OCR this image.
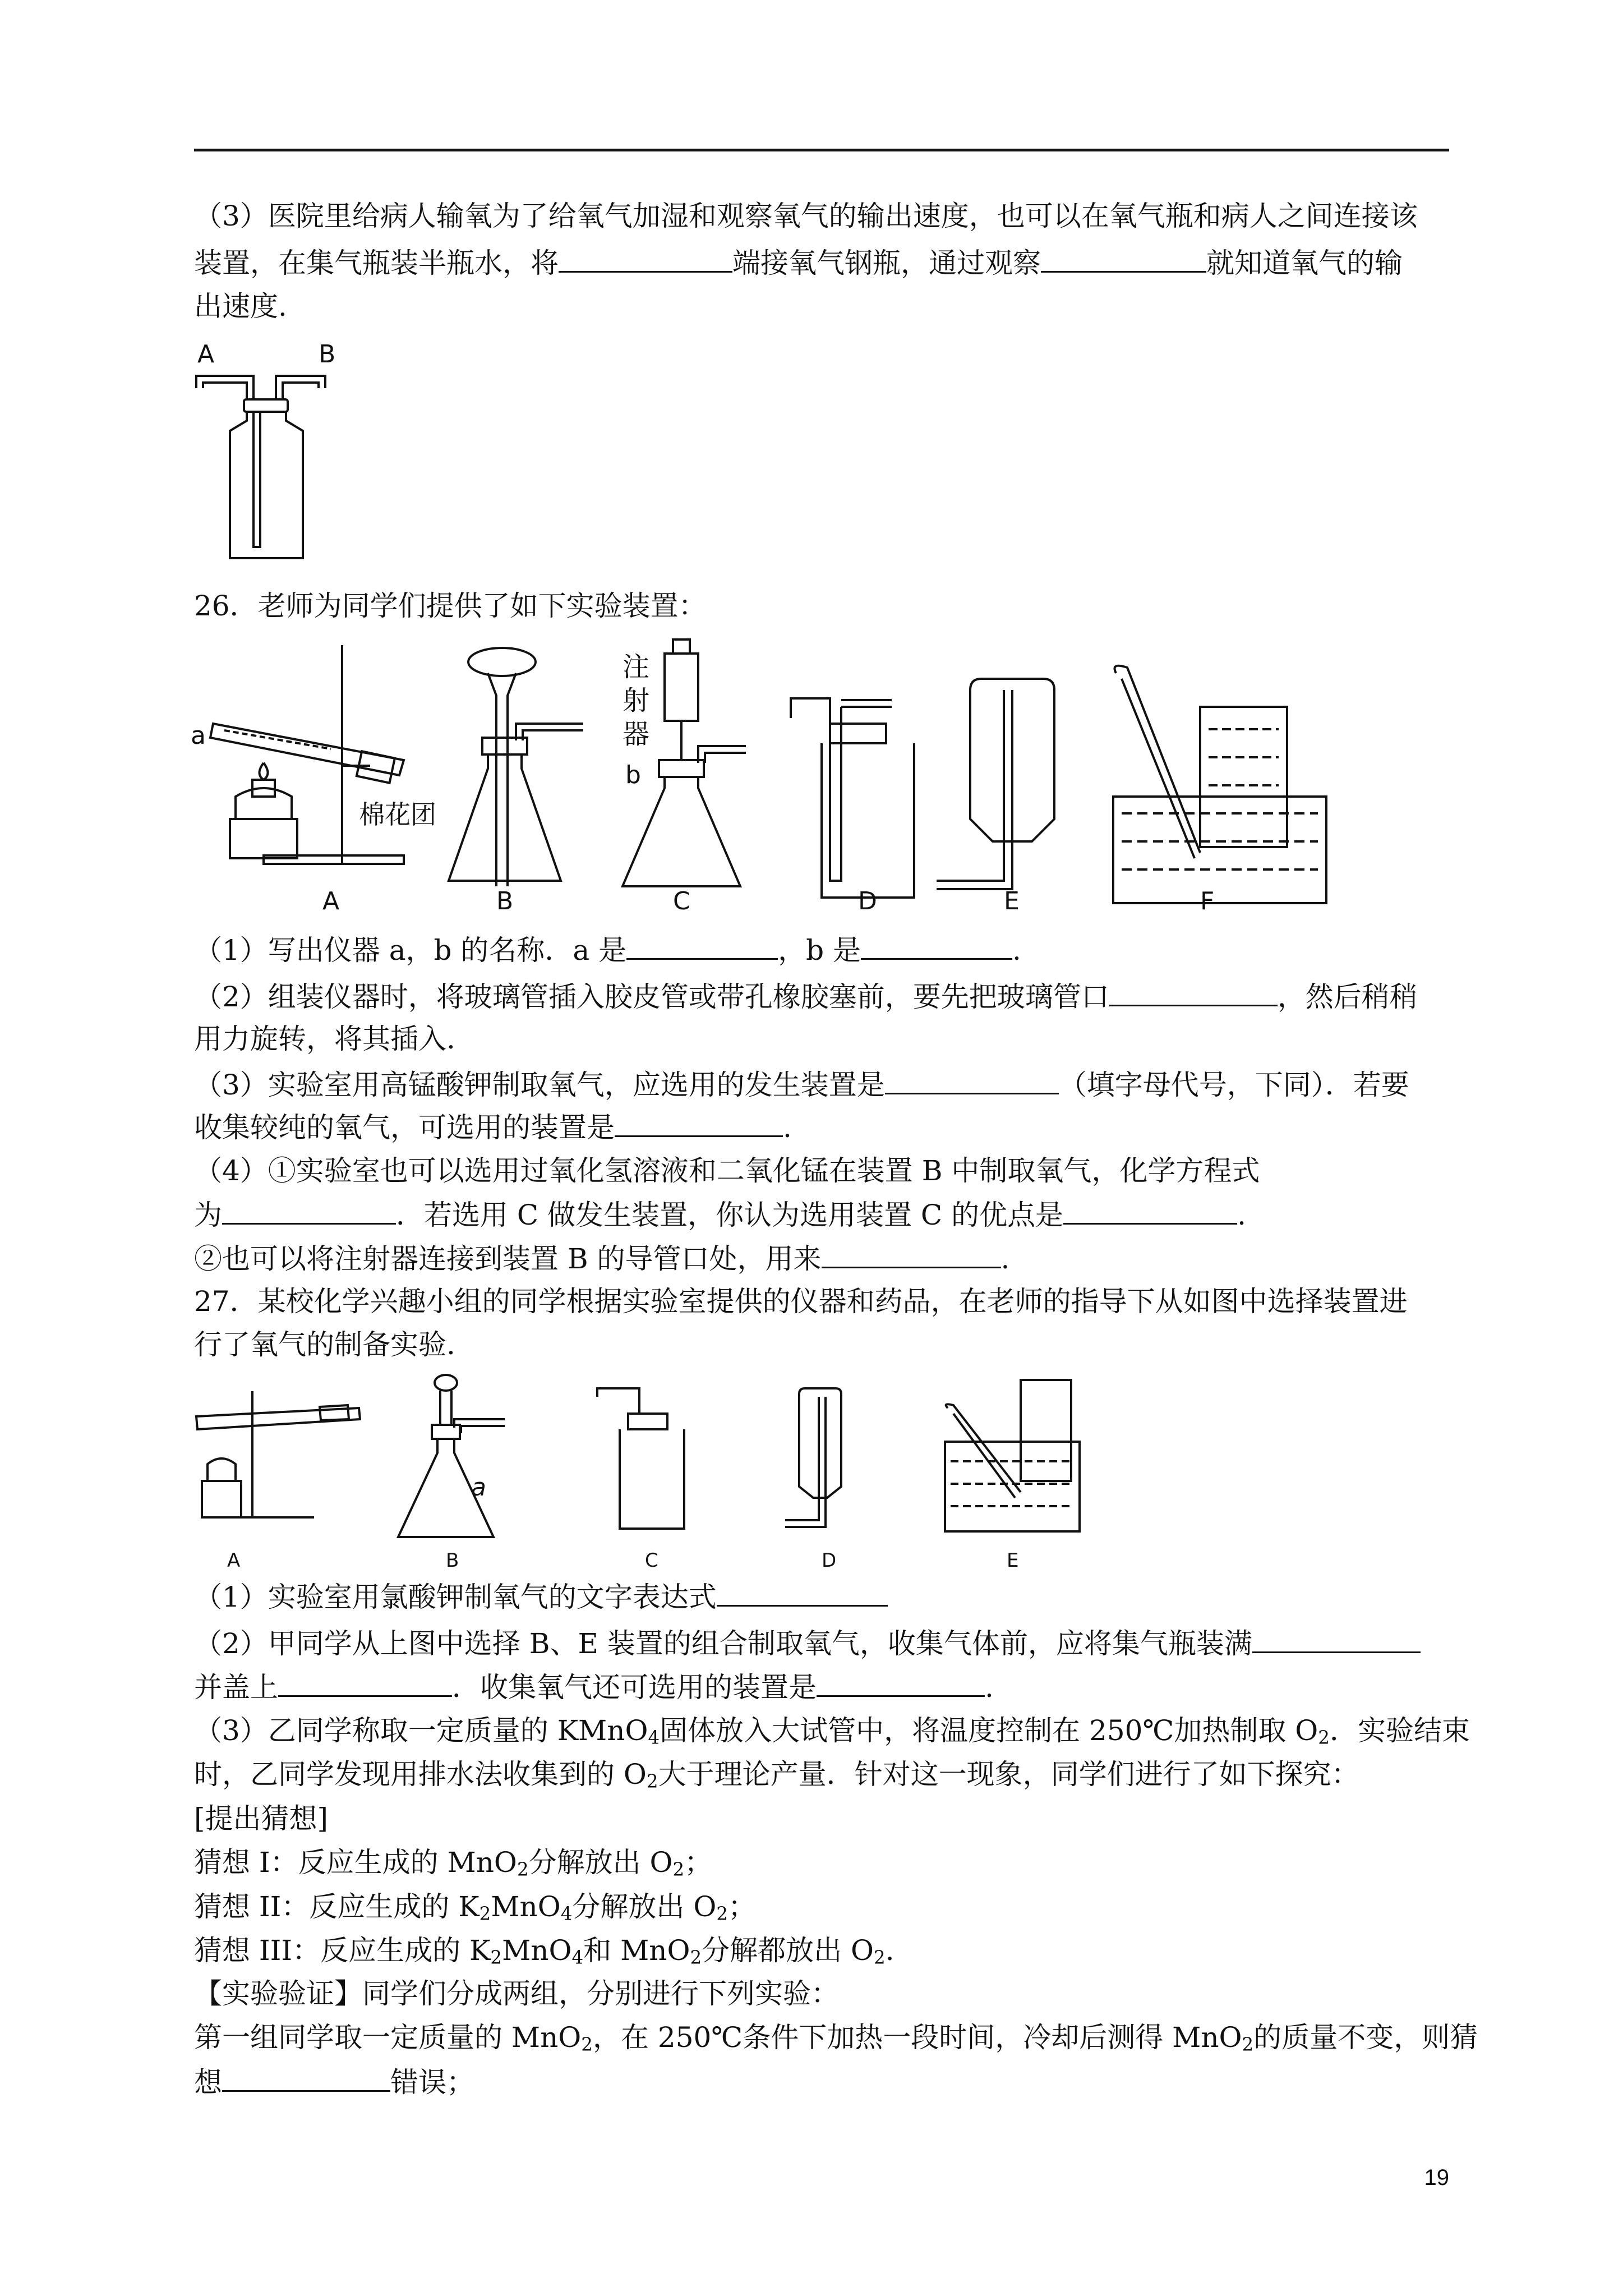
（3）医院里给病人输氧为了给氧气加湿和观察氧气的输出速度，也可以在氧气瓶和病人之间连接该
装置，在集气瓶装半瓶水，将	端接氧气钢瓶，通过观察	就知道氧气的输
出速度.
A	B
26．老师为同学们提供了如下实验装置：
a
棉花团
注
射
器
b
A	B	C	D	E	F
（1）写出仪器 a，b 的名称．a 是	，b 是	.
（2）组装仪器时，将玻璃管插入胶皮管或带孔橡胶塞前，要先把玻璃管口	，然后稍稍
用力旋转，将其插入.
（3）实验室用高锰酸钾制取氧气，应选用的发生装置是	（填字母代号，下同）．若要
收集较纯的氧气，可选用的装置是	.
（4）①实验室也可以选用过氧化氢溶液和二氧化锰在装置 B 中制取氧气，化学方程式
为	．若选用 C 做发生装置，你认为选用装置 C 的优点是	.
②也可以将注射器连接到装置 B 的导管口处，用来	.
27．某校化学兴趣小组的同学根据实验室提供的仪器和药品，在老师的指导下从如图中选择装置进
行了氧气的制备实验.
a
A	B	C	D	E
（1）实验室用氯酸钾制氧气的文字表达式
（2）甲同学从上图中选择 B、E 装置的组合制取氧气，收集气体前，应将集气瓶装满
并盖上	．收集氧气还可选用的装置是	.
（3）乙同学称取一定质量的 KMnO$_4$固体放入大试管中，将温度控制在 250℃加热制取 $O_2$．实验结束
时，乙同学发现用排水法收集到的 $O_2$大于理论产量．针对这一现象，同学们进行了如下探究：
[提出猜想]
猜想 I：反应生成的 MnO$_2$分解放出 $O_2$；
猜想 II：反应生成的 $K_2MnO_4$分解放出 $O_2$；
猜想 III：反应生成的 $K_2MnO_4$和 MnO$_2$分解都放出 $O_2$.
【实验验证】同学们分成两组，分别进行下列实验：
第一组同学取一定质量的 MnO$_2$，在 250℃条件下加热一段时间，冷却后测得 MnO$_2$的质量不变，则猜
想	错误；
19
